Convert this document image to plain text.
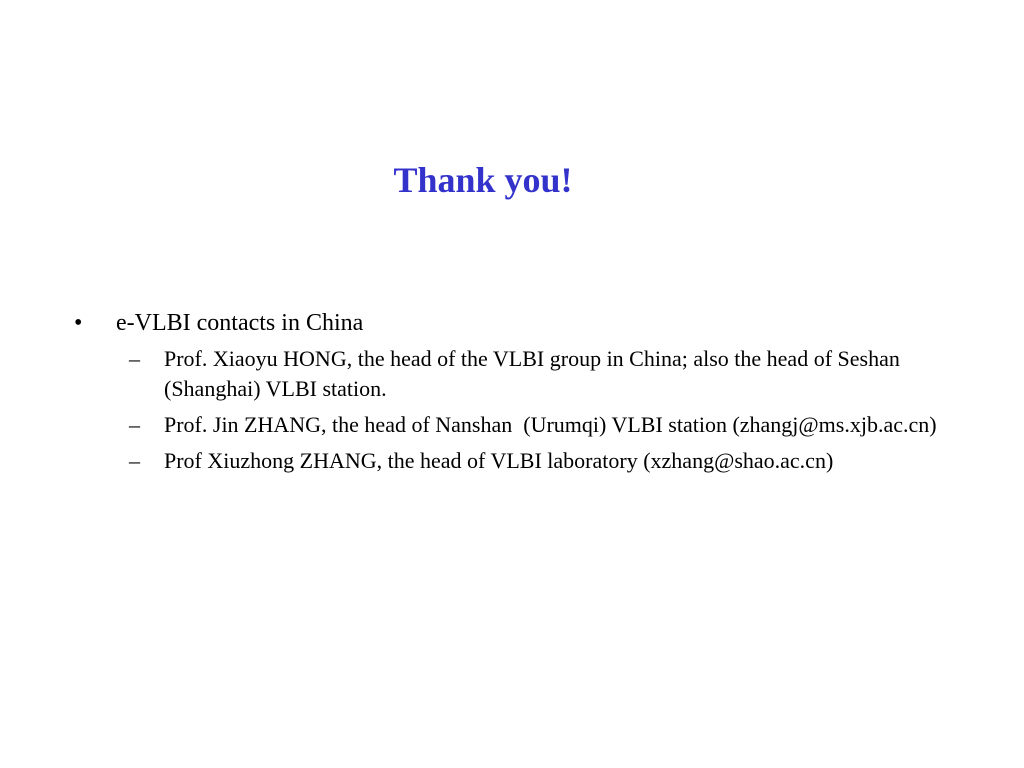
Thank you!
•	e-VLBI contacts in China
– Prof. Xiaoyu HONG, the head of the VLBI group in China; also the head of Seshan (Shanghai) VLBI station.
– Prof. Jin ZHANG, the head of Nanshan  (Urumqi) VLBI station (zhangj@ms.xjb.ac.cn)
– Prof Xiuzhong ZHANG, the head of VLBI laboratory (xzhang@shao.ac.cn)
